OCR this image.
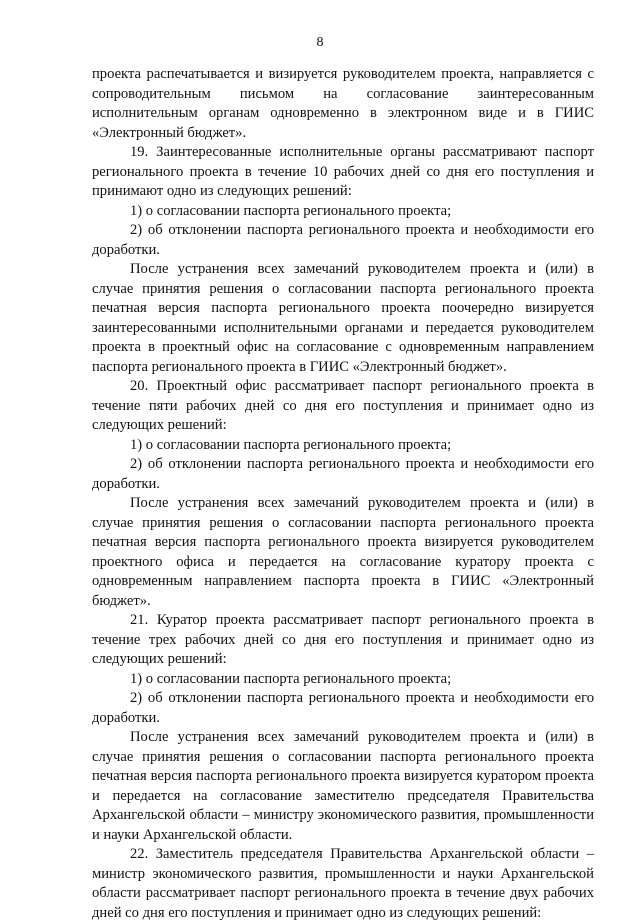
8

проекта распечатывается и визируется руководителем проекта, направляется с сопроводительным письмом на согласование заинтересованным исполнительным органам одновременно в электронном виде и в ГИИС «Электронный бюджет».

19. Заинтересованные исполнительные органы рассматривают паспорт регионального проекта в течение 10 рабочих дней со дня его поступления и принимают одно из следующих решений:

1) о согласовании паспорта регионального проекта;

2) об отклонении паспорта регионального проекта и необходимости его доработки.

После устранения всех замечаний руководителем проекта и (или) в случае принятия решения о согласовании паспорта регионального проекта печатная версия паспорта регионального проекта поочередно визируется заинтересованными исполнительными органами и передается руководителем проекта в проектный офис на согласование с одновременным направлением паспорта регионального проекта в ГИИС «Электронный бюджет».

20. Проектный офис рассматривает паспорт регионального проекта в течение пяти рабочих дней со дня его поступления и принимает одно из следующих решений:

1) о согласовании паспорта регионального проекта;

2) об отклонении паспорта регионального проекта и необходимости его доработки.

После устранения всех замечаний руководителем проекта и (или) в случае принятия решения о согласовании паспорта регионального проекта печатная версия паспорта регионального проекта визируется руководителем проектного офиса и передается на согласование куратору проекта с одновременным направлением паспорта проекта в ГИИС «Электронный бюджет».

21. Куратор проекта рассматривает паспорт регионального проекта в течение трех рабочих дней со дня его поступления и принимает одно из следующих решений:

1) о согласовании паспорта регионального проекта;

2) об отклонении паспорта регионального проекта и необходимости его доработки.

После устранения всех замечаний руководителем проекта и (или) в случае принятия решения о согласовании паспорта регионального проекта печатная версия паспорта регионального проекта визируется куратором проекта и передается на согласование заместителю председателя Правительства Архангельской области – министру экономического развития, промышленности и науки Архангельской области.

22. Заместитель председателя Правительства Архангельской области – министр экономического развития, промышленности и науки Архангельской области рассматривает паспорт регионального проекта в течение двух рабочих дней со дня его поступления и принимает одно из следующих решений:
